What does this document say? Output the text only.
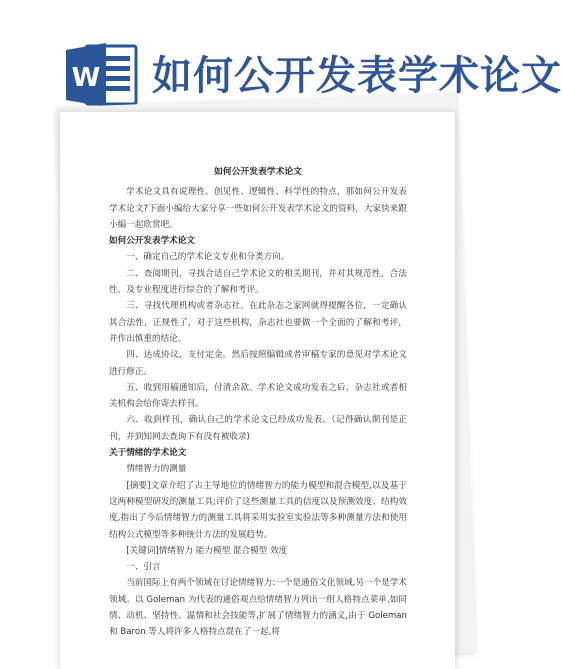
W 如何公开发表学术论文
如何公开发表学术论文

学术论文具有说理性、创见性、逻辑性、科学性的特点，那如何公开发表学术论文?下面小编给大家分享一些如何公开发表学术论文的资料，大家快来跟小编一起欣赏吧。

如何公开发表学术论文

一、确定自己的学术论文专业和分类方向。

二、查阅期刊，寻找合适自己学术论文的相关期刊，并对其规范性，合法性，及专业程度进行综合的了解和考评。

三、寻找代理机构或者杂志社。在此杂志之家网就得提醒各位，一定确认其合法性，正规性了，对于这些机构，杂志社也要做一个全面的了解和考评，并作出慎重的结论。

四、达成协议，支付定金。然后按照编辑或者审稿专家的意见对学术论文进行修正。

五、收到用稿通知后，付清余款。学术论文成功发表之后，杂志社或者相关机构会给你寄去样刊。

六、收到样刊，确认自己的学术论文已经成功发表。（记得确认期刊是正刊，并到知网去查询下有没有被收录)

关于情绪的学术论文

情绪智力的测量

[摘要]文章介绍了占主导地位的情绪智力的能力模型和混合模型,以及基于这两种模型研发的测量工具;评价了这些测量工具的信度以及预测效度、结构效度,指出了今后情绪智力的测量工具将采用实验室实验法等多种测量方法和使用结构公式模型等多种统计方法的发展趋势。

[关键词]情绪智力 能力模型 混合模型 效度

一、引言

当前国际上有两个领域在讨论情绪智力:一个是通俗文化领域,另一个是学术领域。以 Goleman 为代表的通俗观点给情绪智力列出一组人格特点菜单,如同情、动机、坚持性、温情和社会技能等,扩展了情绪智力的涵义,由于 Goleman 和 Baron 等人将许多人格特点混在了一起,将
